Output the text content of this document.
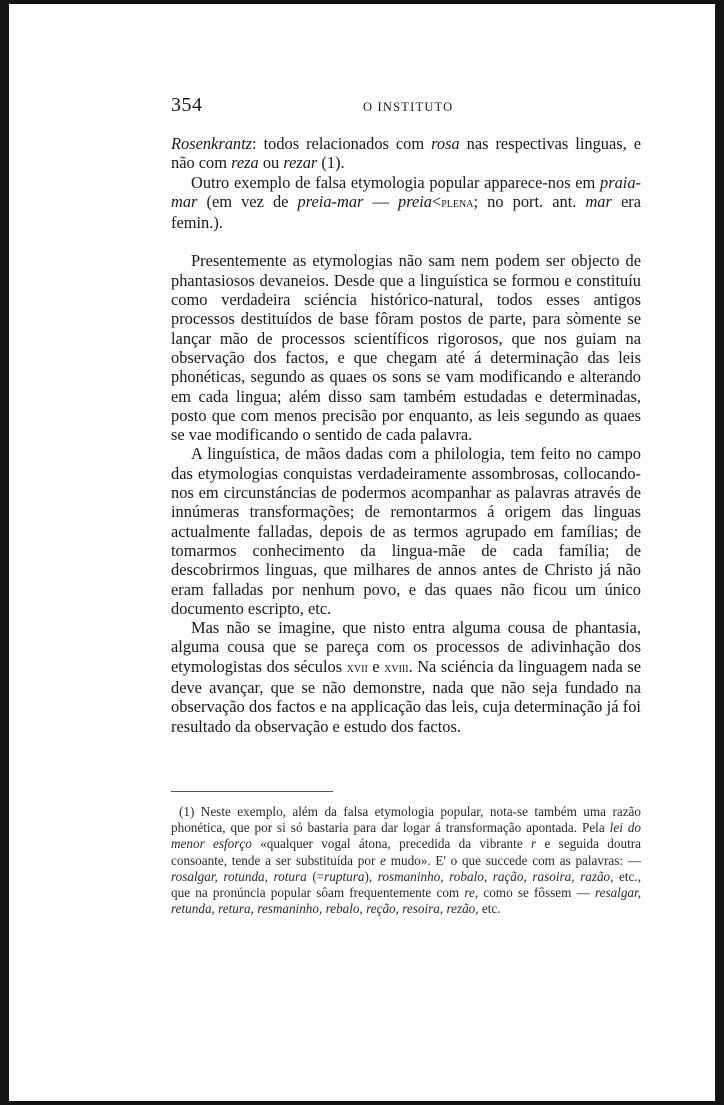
354	O INSTITUTO

Rosenkrantz: todos relacionados com rosa nas respectivas linguas, e não com reza ou rezar (1).

Outro exemplo de falsa etymologia popular apparece-nos em praia-mar (em vez de preia-mar — preia<plena; no port. ant. mar era femin.).

Presentemente as etymologias não sam nem podem ser objecto de phantasiosos devaneios. Desde que a linguística se formou e constituíu como verdadeira sciéncia histórico-natural, todos esses antigos processos destituídos de base fôram postos de parte, para sòmente se lançar mão de processos scientíficos rigorosos, que nos guiam na observação dos factos, e que chegam até á determinação das leis phonéticas, segundo as quaes os sons se vam modificando e alterando em cada lingua; além disso sam também estudadas e determinadas, posto que com menos precisão por enquanto, as leis segundo as quaes se vae modificando o sentido de cada palavra.

A linguística, de mãos dadas com a philologia, tem feito no campo das etymologias conquistas verdadeiramente assombrosas, collocando-nos em circunstáncias de podermos acompanhar as palavras através de innúmeras transformações; de remontarmos á origem das linguas actualmente falladas, depois de as termos agrupado em famílias; de tomarmos conhecimento da lingua-mãe de cada família; de descobrirmos linguas, que milhares de annos antes de Christo já não eram falladas por nenhum povo, e das quaes não ficou um único documento escripto, etc.

Mas não se imagine, que nisto entra alguma cousa de phantasia, alguma cousa que se pareça com os processos de adivinhação dos etymologistas dos séculos xvii e xviii. Na sciéncia da linguagem nada se deve avançar, que se não demonstre, nada que não seja fundado na observação dos factos e na applicação das leis, cuja determinação já foi resultado da observação e estudo dos factos.

(1) Neste exemplo, além da falsa etymologia popular, nota-se também uma razão phonética, que por si só bastaria para dar logar á transformação apontada. Pela lei do menor esforço «qualquer vogal átona, precedida da vibrante r e seguida doutra consoante, tende a ser substituída por e mudo». E' o que succede com as palavras: — rosalgar, rotunda, rotura (=ruptura), rosmaninho, robalo, ração, rasoira, razão, etc., que na pronúncia popular sôam frequentemente com re, como se fôssem — resalgar, retunda, retura, resmaninho, rebalo, reção, resoira, rezão, etc.
